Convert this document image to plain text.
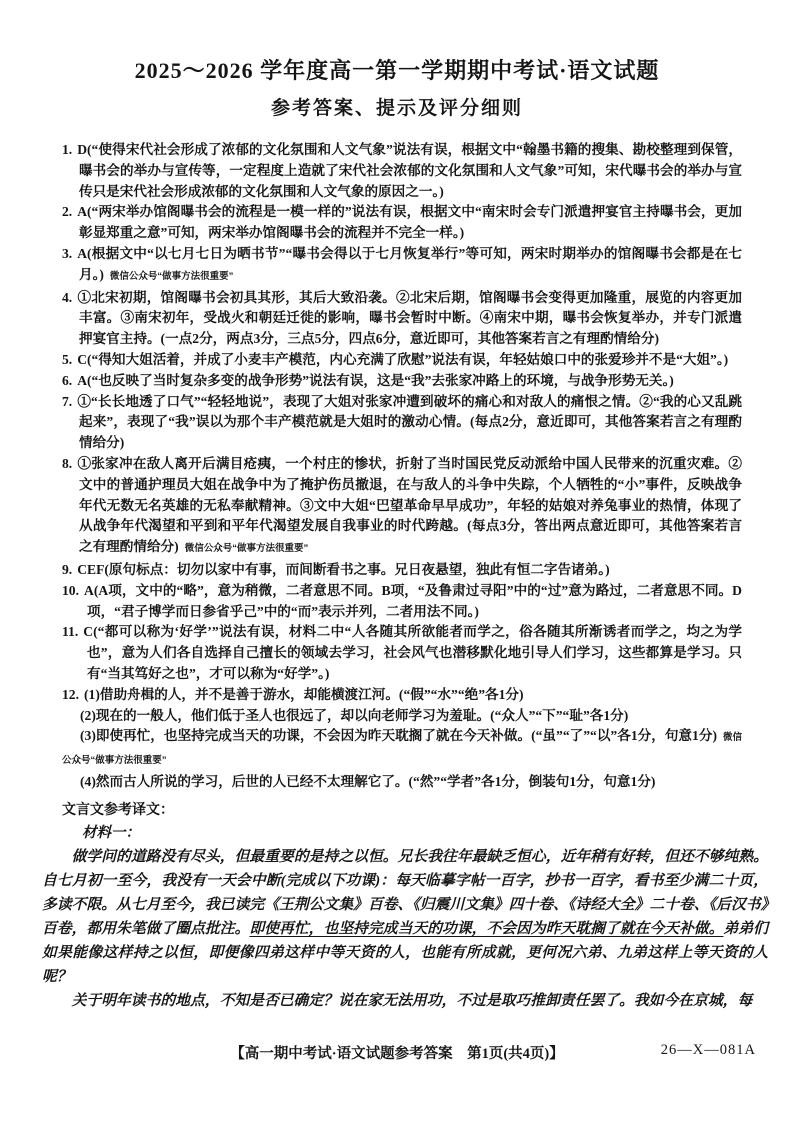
2025～2026 学年度高一第一学期期中考试·语文试题
参考答案、提示及评分细则

1. D(“使得宋代社会形成了浓郁的文化氛围和人文气象”说法有误，根据文中“翰墨书籍的搜集、勘校整理到保管，曝书会的举办与宣传等，一定程度上造就了宋代社会浓郁的文化氛围和人文气象”可知，宋代曝书会的举办与宣传只是宋代社会形成浓郁的文化氛围和人文气象的原因之一。)

2. A(“两宋举办馆阁曝书会的流程是一模一样的”说法有误，根据文中“南宋时会专门派遣押宴官主持曝书会，更加彰显郑重之意”可知，两宋举办馆阁曝书会的流程并不完全一样。)

3. A(根据文中“以七月七日为晒书节”“曝书会得以于七月恢复举行”等可知，两宋时期举办的馆阁曝书会都是在七月。) 微信公众号“做事方法很重要”

4. ①北宋初期，馆阁曝书会初具其形，其后大致沿袭。②北宋后期，馆阁曝书会变得更加隆重，展览的内容更加丰富。③南宋初年，受战火和朝廷迁徙的影响，曝书会暂时中断。④南宋中期，曝书会恢复举办，并专门派遣押宴官主持。(一点2分，两点3分，三点5分，四点6分，意近即可，其他答案若言之有理酌情给分)

5. C(“得知大姐活着，并成了小麦丰产模范，内心充满了欣慰”说法有误，年轻姑娘口中的张爱珍并不是“大姐”。)

6. A(“也反映了当时复杂多变的战争形势”说法有误，这是“我”去张家冲路上的环境，与战争形势无关。)

7. ①“长长地透了口气”“轻轻地说”，表现了大姐对张家冲遭到破坏的痛心和对敌人的痛恨之情。②“我的心又乱跳起来”，表现了“我”误以为那个丰产模范就是大姐时的激动心情。(每点2分，意近即可，其他答案若言之有理酌情给分)

8. ①张家冲在敌人离开后满目疮痍，一个村庄的惨状，折射了当时国民党反动派给中国人民带来的沉重灾难。②文中的普通护理员大姐在战争中为了掩护伤员撤退，在与敌人的斗争中失踪，个人牺牲的“小”事件，反映战争年代无数无名英雄的无私奉献精神。③文中大姐“巴望革命早早成功”，年轻的姑娘对养兔事业的热情，体现了从战争年代渴望和平到和平年代渴望发展自我事业的时代跨越。(每点3分，答出两点意近即可，其他答案若言之有理酌情给分) 微信公众号“做事方法很重要”

9. CEF(原句标点：切勿以家中有事，而间断看书之事。兄日夜悬望，独此有恒二字告诸弟。)

10. A(A项，文中的“略”，意为稍微，二者意思不同。B项，“及鲁肃过寻阳”中的“过”意为路过，二者意思不同。D项，“君子博学而日参省乎己”中的“而”表示并列，二者用法不同。)

11. C(“都可以称为‘好学’”说法有误，材料二中“人各随其所欲能者而学之，俗各随其所渐诱者而学之，均之为学也”，意为人们各自选择自己擅长的领域去学习，社会风气也潜移默化地引导人们学习，这些都算是学习。只有“当其笃好之也”，才可以称为“好学”。)

12. (1)借助舟楫的人，并不是善于游水，却能横渡江河。(“假”“水”“绝”各1分)

(2)现在的一般人，他们低于圣人也很远了，却以向老师学习为羞耻。(“众人”“下”“耻”各1分)

(3)即使再忙，也坚持完成当天的功课，不会因为昨天耽搁了就在今天补做。(“虽”“了”“以”各1分，句意1分) 微信公众号“做事方法很重要”

(4)然而古人所说的学习，后世的人已经不太理解它了。(“然”“学者”各1分，倒装句1分，句意1分)

文言文参考译文：

材料一：

做学问的道路没有尽头，但最重要的是持之以恒。兄长我往年最缺乏恒心，近年稍有好转，但还不够纯熟。自七月初一至今，我没有一天会中断(完成以下功课)：每天临摹字帖一百字，抄书一百字，看书至少满二十页，多读不限。从七月至今，我已读完《王荆公文集》百卷、《归震川文集》四十卷、《诗经大全》二十卷、《后汉书》百卷，都用朱笔做了圈点批注。即使再忙，也坚持完成当天的功课，不会因为昨天耽搁了就在今天补做。弟弟们如果能像这样持之以恒，即便像四弟这样中等天资的人，也能有所成就，更何况六弟、九弟这样上等天资的人呢？

关于明年读书的地点，不知是否已确定？说在家无法用功，不过是取巧推卸责任罢了。我如今在京城，每

【高一期中考试·语文试题参考答案　第1页(共4页)】	26—X—081A
